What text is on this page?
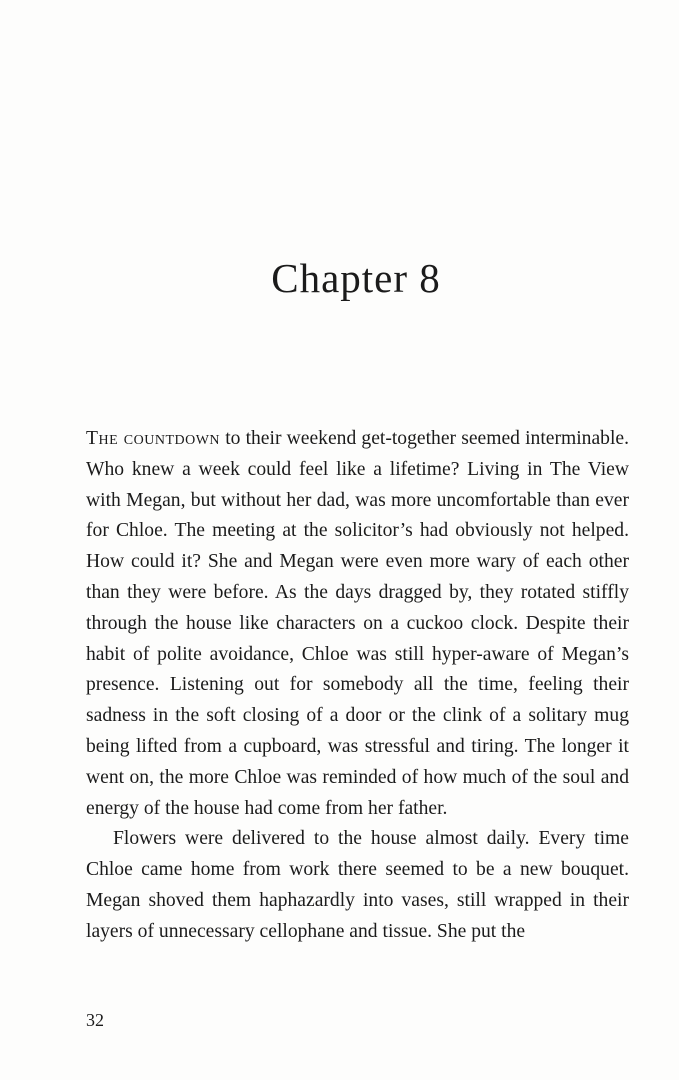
Chapter 8

The countdown to their weekend get-together seemed interminable. Who knew a week could feel like a lifetime? Living in The View with Megan, but without her dad, was more uncomfortable than ever for Chloe. The meeting at the solicitor’s had obviously not helped. How could it? She and Megan were even more wary of each other than they were before. As the days dragged by, they rotated stiffly through the house like characters on a cuckoo clock. Despite their habit of polite avoidance, Chloe was still hyper-aware of Megan’s presence. Listening out for somebody all the time, feeling their sadness in the soft closing of a door or the clink of a solitary mug being lifted from a cupboard, was stressful and tiring. The longer it went on, the more Chloe was reminded of how much of the soul and energy of the house had come from her father.

Flowers were delivered to the house almost daily. Every time Chloe came home from work there seemed to be a new bouquet. Megan shoved them haphazardly into vases, still wrapped in their layers of unnecessary cellophane and tissue. She put the

32
